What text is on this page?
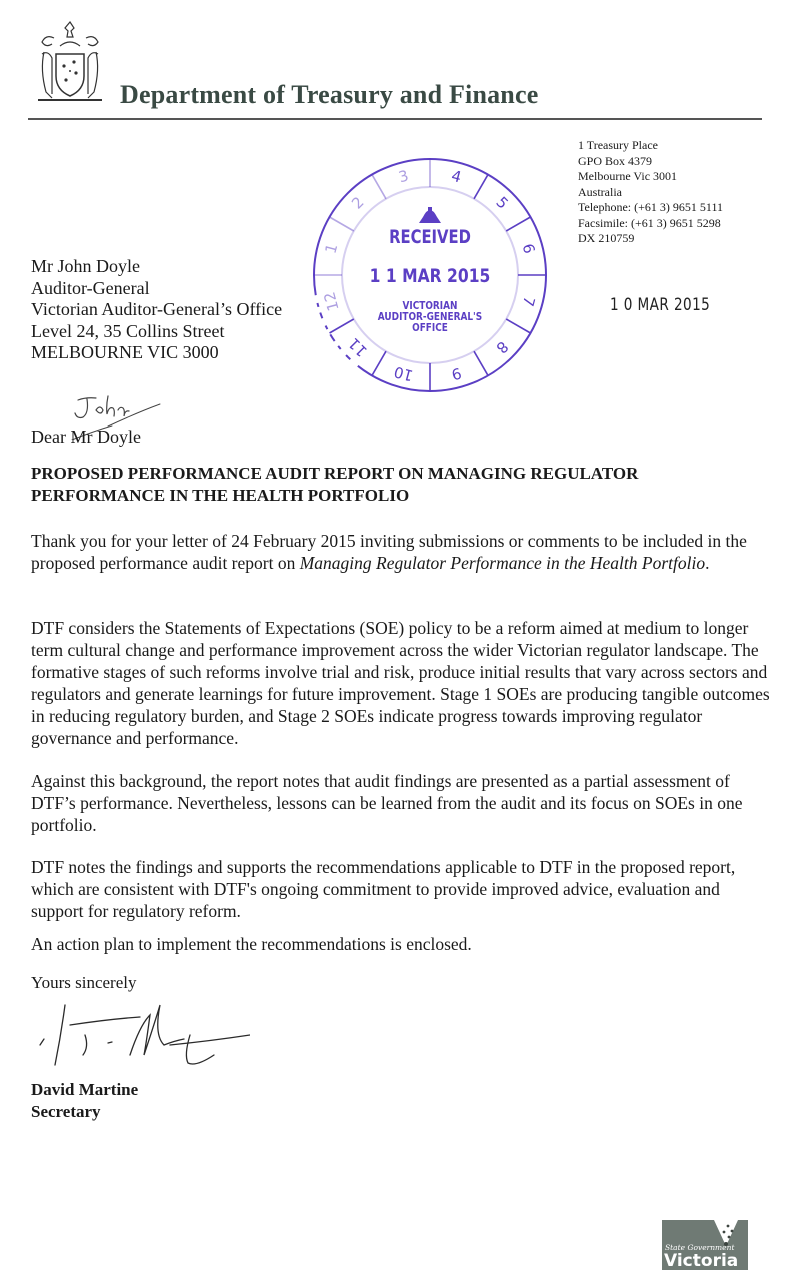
Department of Treasury and Finance
1 Treasury Place
GPO Box 4379
Melbourne Vic 3001
Australia
Telephone: (+61 3) 9651 5111
Facsimile: (+61 3) 9651 5298
DX 210759
RECEIVED
1 1 MAR 2015
VICTORIAN
AUDITOR-GENERAL'S
OFFICE
1
2
3	4
5
6
7
8
9
10
11
12	1 0 MAR 2015
Mr John Doyle
Auditor-General
Victorian Auditor-General’s Office
Level 24, 35 Collins Street
MELBOURNE VIC 3000
Dear Mr Doyle
PROPOSED PERFORMANCE AUDIT REPORT ON MANAGING REGULATOR PERFORMANCE IN THE HEALTH PORTFOLIO
Thank you for your letter of 24 February 2015 inviting submissions or comments to be included in the proposed performance audit report on Managing Regulator Performance in the Health Portfolio.
DTF considers the Statements of Expectations (SOE) policy to be a reform aimed at medium to longer term cultural change and performance improvement across the wider Victorian regulator landscape. The formative stages of such reforms involve trial and risk, produce initial results that vary across sectors and regulators and generate learnings for future improvement. Stage 1 SOEs are producing tangible outcomes in reducing regulatory burden, and Stage 2 SOEs indicate progress towards improving regulator governance and performance.
Against this background, the report notes that audit findings are presented as a partial assessment of DTF’s performance. Nevertheless, lessons can be learned from the audit and its focus on SOEs in one portfolio.
DTF notes the findings and supports the recommendations applicable to DTF in the proposed report, which are consistent with DTF's ongoing commitment to provide improved advice, evaluation and support for regulatory reform.
An action plan to implement the recommendations is enclosed.
Yours sincerely
David Martine
Secretary
State Government
Victoria
